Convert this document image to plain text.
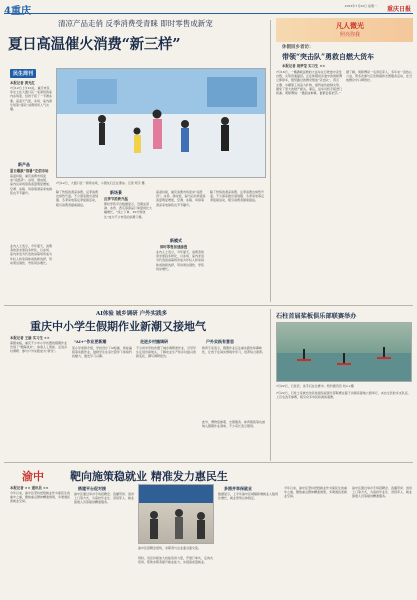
4重庆	2023年7月24日 星期一 重庆日报
清凉产品走俏 反季消费受青睐 即时零售成新宠
夏日高温催火消费“新三样”
民生周刊
本报记者 黄光红
7月12日上午10点，重庆市民李女士在大渡口区一家商场的室内冰场里，给孩子报了一节滑冰课。高温天气里，冰场、室内游乐场等“清凉”消费场所人气火爆。
新产品
夏日爆款“消暑”走俏市场
高温持续，重庆消费市场迎来“凉经济”。冰场、游泳馆、室内运动场馆客流量明显增加，空调、冰箱、风扇等清凉家电销售也节节攀升。
业内人士表示，今年夏天，消费者的需求更趋多样化，以冰场、室内冲浪为代表的消暑场所成为年轻人和家庭休闲的新选择，带动周边餐饮、零售同步增长。
7月12日，大渡口区一商场冰场，小朋友们正在滑冰。记者 郑宇 摄
新场景
反季节消费升温
除了传统的清凉消费，反季消费也悄然升温。不少商家推出羽绒服、冬季家电等反季促销活动，吸引消费者提前囤货。	即时零售平台数据显示，近期冰淇淋、冰饮、西瓜等商品订单量同比大幅增长，“线上下单、30分钟送达”成为不少市民的消费习惯。
新模式
即时零售加速渗透
高温持续，重庆消费市场迎来“凉经济”。冰场、游泳馆、室内运动场馆客流量明显增加，空调、冰箱、风扇等清凉家电销售也节节攀升。
业内人士表示，今年夏天，消费者的需求更趋多样化，以冰场、室内冲浪为代表的消暑场所成为年轻人和家庭休闲的新选择，带动周边餐饮、零售同步增长。
除了传统的清凉消费，反季消费也悄然升温。不少商家推出羽绒服、冬季家电等反季促销活动，吸引消费者提前囤货。
凡人微光
照亮你我
休假回乡者访：
带领“突击队”勇救自燃大货车
本报记者 周梦莹 实习生 ××
7月16日，一辆满载货物的大货车在行驶途中突发自燃，火势迅速蔓延。正在休假回乡途中的周师傅立即停车，组织路过的群众组成“突击队”，用灭火器、水桶等工具奋力扑救，最终成功控制火势，避免了更大的财产损失。事后，货车司机专程登门致谢。周师傅说：“遇到这种事，谁都会搭把手。”
据了解，周师傅是一名退伍军人，多年来一直热心公益，曾多次参与应急救援和志愿服务活动，在当地群众中口碑很好。
AI体验 城乡调研 户外实践多
重庆中小学生假期作业新潮又接地气
本报记者 王渝 实习生 ××
暑假来临，重庆不少中小学布置的假期作业告别了“题海战术”，体验人工智能、走进乡村调研、参与户外实践成为“新宠”。
“AI+”作业更新潮
某小学老师介绍，学校设计了AI绘画、智能编程等实践作业，鼓励学生在家长陪伴下体验科技魅力，激发学习兴趣。
走进乡村搞调研
不少初中学校布置了城乡调研类作业，引导学生走进田间地头，了解农业生产和乡村振兴的新变化，撰写调研报告。
户外实践有意思
教育专家表示，假期作业应注重实践性和趣味性，让孩子在真实情境中学习，培养综合素养。
此外，博物馆参观、志愿服务、体育锻炼等也被纳入假期作业清单，不少家长表示赞同。
石柱首届桨板俱乐部联赛举办
7月22日，石柱县，选手们在比赛中。特约通讯员 刘××摄
7月22日，石柱土家族自治县首届桨板俱乐部联赛在藤子沟国家湿地公园举行，来自全县的多支队伍、上百名选手参赛，吸引众多市民和游客观赛。
渝中 靶向施策稳就业 精准发力惠民生
本报记者 ×× 通讯员 ××
今年以来，渝中区坚持把稳就业作为保民生的重中之重，聚焦重点群体精准施策，多渠道拓宽就业空间。
搭建平台促对接
渝中区通过举办专场招聘会、直播带岗、送岗上门等方式，为高校毕业生、退役军人、就业困难人员等提供精准服务。
渝中区招聘会现场，求职者与企业面对面交流。
同时，该区持续加大技能培训力度，开展订单式、定向式培训，帮助求职者提升就业能力，实现高质量就业。
多措并举保就业
数据显示，上半年渝中区城镇新增就业人数同比增长，就业形势总体稳定。
今年以来，渝中区坚持把稳就业作为保民生的重中之重，聚焦重点群体精准施策，多渠道拓宽就业空间。
渝中区通过举办专场招聘会、直播带岗、送岗上门等方式，为高校毕业生、退役军人、就业困难人员等提供精准服务。
